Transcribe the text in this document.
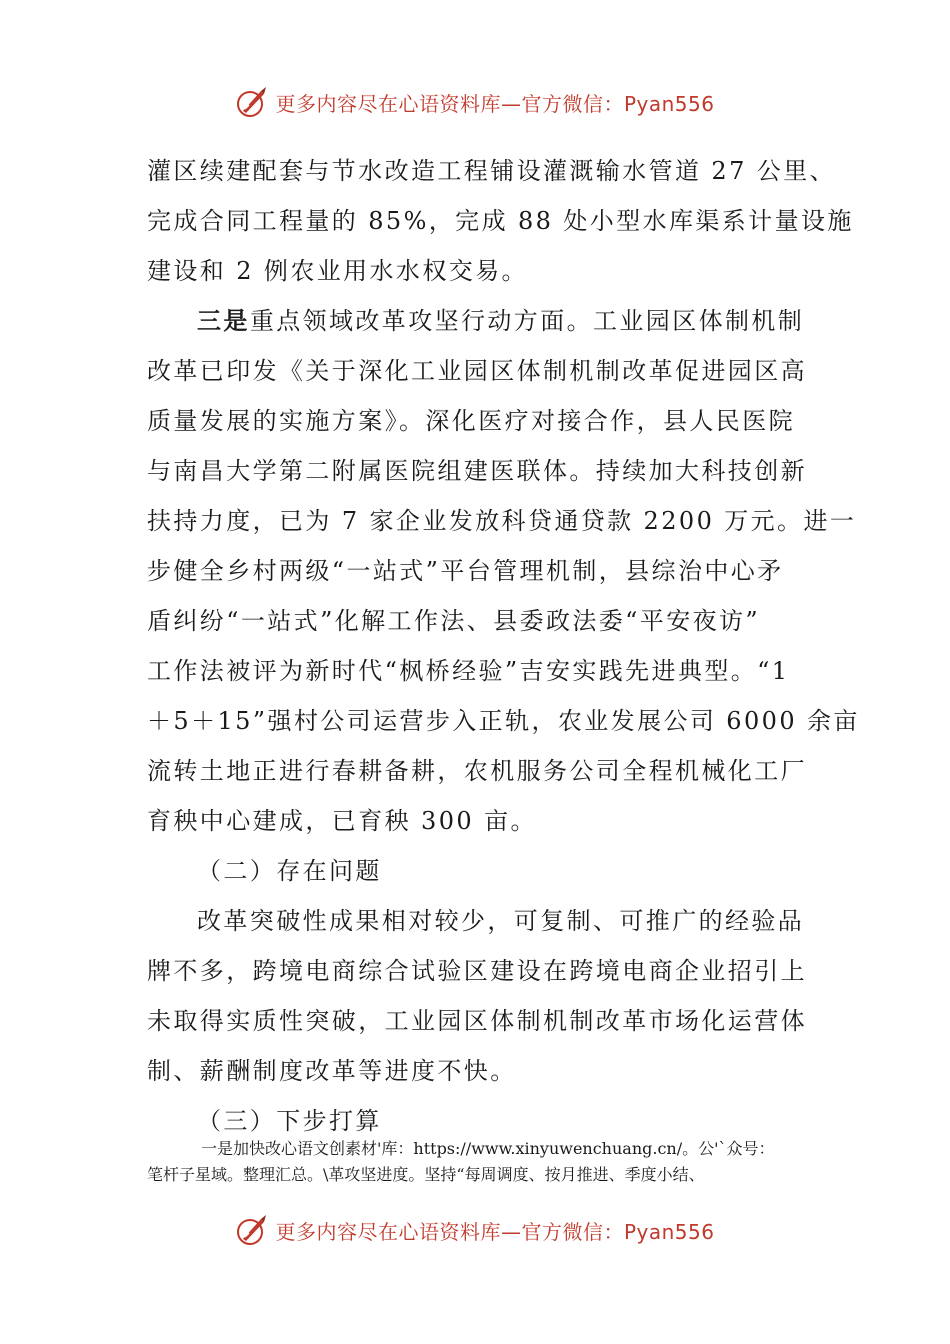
更多内容尽在心语资料库—官方微信：Pyan556
灌区续建配套与节水改造工程铺设灌溉输水管道 27 公里、
完成合同工程量的 85%，完成 88 处小型水库渠系计量设施
建设和 2 例农业用水水权交易。
三是重点领域改革攻坚行动方面。工业园区体制机制
改革已印发《关于深化工业园区体制机制改革促进园区高
质量发展的实施方案》。深化医疗对接合作，县人民医院
与南昌大学第二附属医院组建医联体。持续加大科技创新
扶持力度，已为 7 家企业发放科贷通贷款 2200 万元。进一
步健全乡村两级“一站式”平台管理机制，县综治中心矛
盾纠纷“一站式”化解工作法、县委政法委“平安夜访”
工作法被评为新时代“枫桥经验”吉安实践先进典型。“1
＋5＋15”强村公司运营步入正轨，农业发展公司 6000 余亩
流转土地正进行春耕备耕，农机服务公司全程机械化工厂
育秧中心建成，已育秧 300 亩。
（二）存在问题
改革突破性成果相对较少，可复制、可推广的经验品
牌不多，跨境电商综合试验区建设在跨境电商企业招引上
未取得实质性突破，工业园区体制机制改革市场化运营体
制、薪酬制度改革等进度不快。
（三）下步打算
一是加快改心语文创素材'库：https://www.xinyuwenchuang.cn/。公'`众号：
笔杆子星域。整理汇总。\革攻坚进度。坚持“每周调度、按月推进、季度小结、
更多内容尽在心语资料库—官方微信：Pyan556
